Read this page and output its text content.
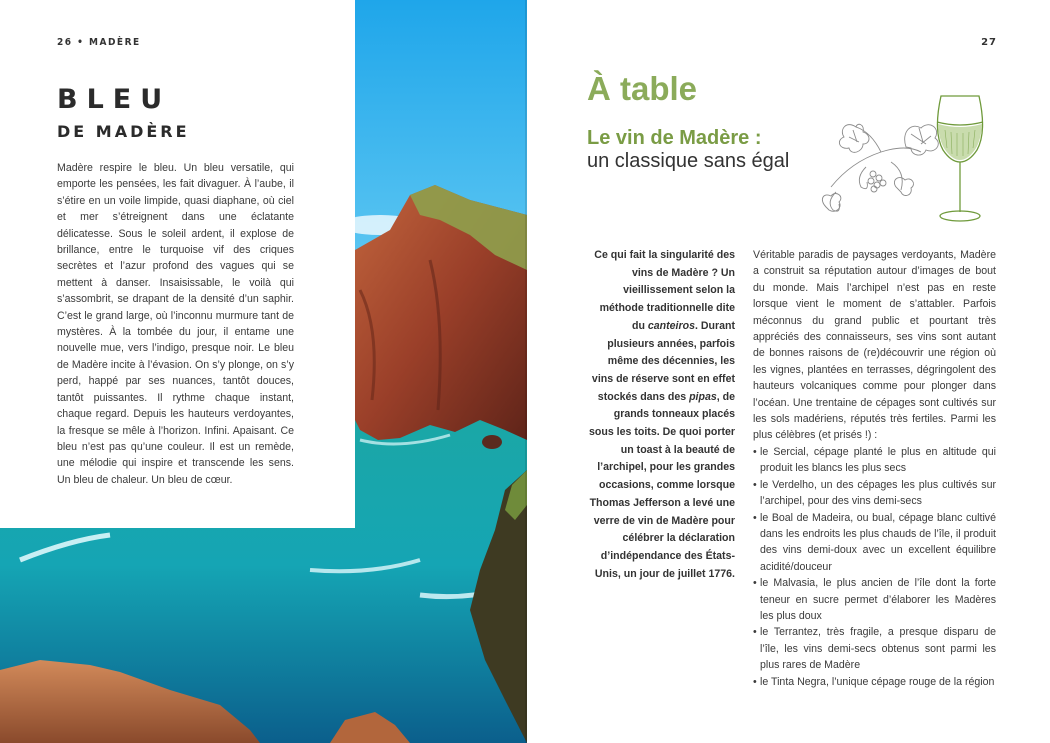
26 • MADÈRE
BLEU
DE MADÈRE

Madère respire le bleu. Un bleu versatile, qui emporte les pensées, les fait divaguer. À l’aube, il s’étire en un voile limpide, quasi diaphane, où ciel et mer s’étreignent dans une éclatante délicatesse. Sous le soleil ardent, il explose de brillance, entre le turquoise vif des criques secrètes et l’azur profond des vagues qui se mettent à danser. Insaisissable, le voilà qui s’assombrit, se drapant de la densité d’un saphir. C’est le grand large, où l’inconnu murmure tant de mystères. À la tombée du jour, il entame une nouvelle mue, vers l’indigo, presque noir. Le bleu de Madère incite à l’évasion. On s’y plonge, on s’y perd, happé par ses nuances, tantôt douces, tantôt puissantes. Il rythme chaque instant, chaque regard. Depuis les hauteurs verdoyantes, la fresque se mêle à l’horizon. Infini. Apaisant. Ce bleu n’est pas qu’une couleur. Il est un remède, une mélodie qui inspire et transcende les sens. Un bleu de chaleur. Un bleu de cœur.

27
À table
Le vin de Madère :
un classique sans égal
Ce qui fait la singularité des vins de Madère ? Un vieillissement selon la méthode traditionnelle dite du canteiros. Durant plusieurs années, parfois même des décennies, les vins de réserve sont en effet stockés dans des pipas, de grands tonneaux placés sous les toits. De quoi porter un toast à la beauté de l’archipel, pour les grandes occasions, comme lorsque Thomas Jefferson a levé une verre de vin de Madère pour célébrer la déclaration d’indépendance des États-Unis, un jour de juillet 1776.

Véritable paradis de paysages verdoyants, Madère a construit sa réputation autour d’images de bout du monde. Mais l’archipel n’est pas en reste lorsque vient le moment de s’attabler. Parfois méconnus du grand public et pourtant très appréciés des connaisseurs, ses vins sont autant de bonnes raisons de (re)découvrir une région où les vignes, plantées en terrasses, dégringolent des hauteurs volcaniques comme pour plonger dans l’océan. Une trentaine de cépages sont cultivés sur les sols madériens, réputés très fertiles. Parmi les plus célèbres (et prisés !) :

• le Sercial, cépage planté le plus en altitude qui produit les blancs les plus secs
• le Verdelho, un des cépages les plus cultivés sur l’archipel, pour des vins demi-secs
• le Boal de Madeira, ou bual, cépage blanc cultivé dans les endroits les plus chauds de l’île, il produit des vins demi-doux avec un excellent équilibre acidité/douceur
• le Malvasia, le plus ancien de l’île dont la forte teneur en sucre permet d’élaborer les Madères les plus doux
• le Terrantez, très fragile, a presque disparu de l’île, les vins demi-secs obtenus sont parmi les plus rares de Madère
• le Tinta Negra, l’unique cépage rouge de la région
